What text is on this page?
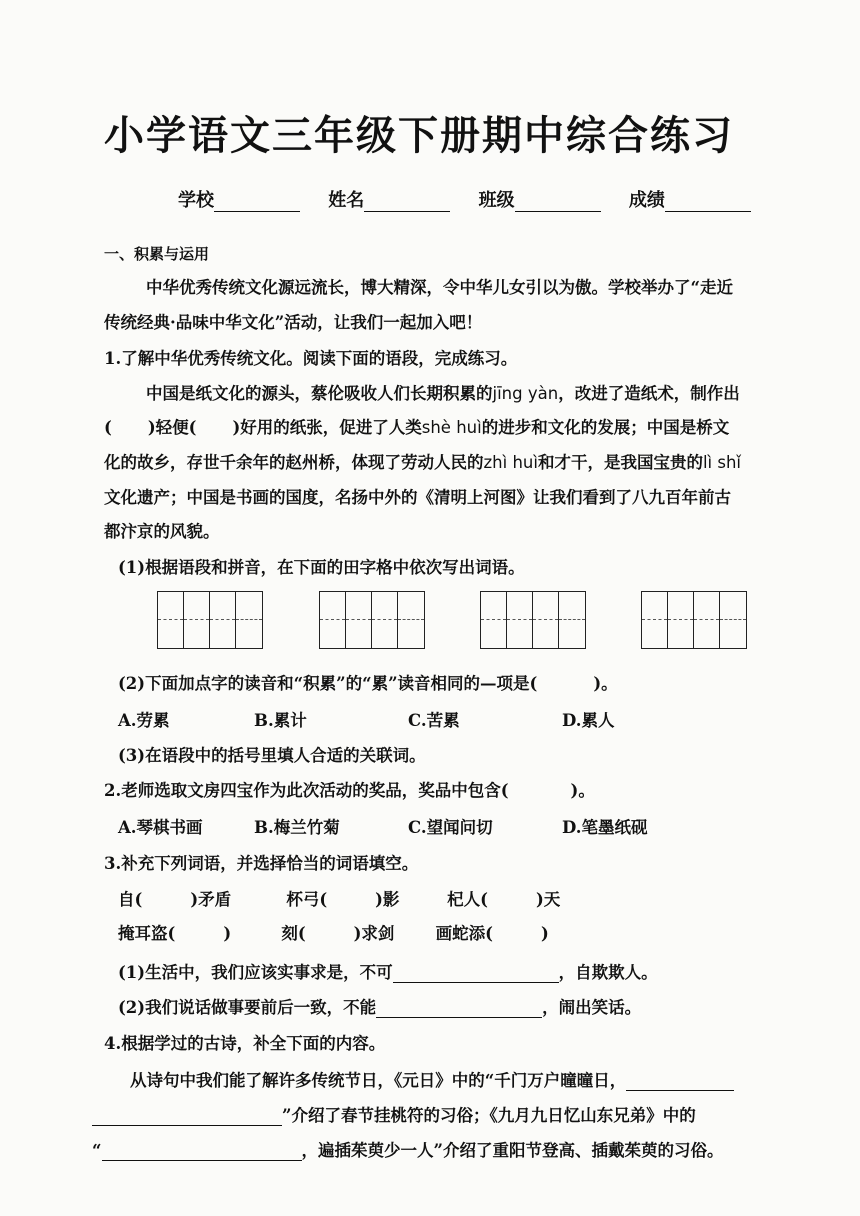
小学语文三年级下册期中综合练习
学校	姓名	班级	成绩
一、积累与运用
中华优秀传统文化源远流长，博大精深，令中华儿女引以为傲。学校举办了“走近
传统经典·品味中华文化”活动，让我们一起加入吧！
1.了解中华优秀传统文化。阅读下面的语段，完成练习。
中国是纸文化的源头，蔡伦吸收人们长期积累的jīng yàn，改进了造纸术，制作出
( )轻便( )好用的纸张，促进了人类shè huì的进步和文化的发展；中国是桥文
化的故乡，存世千余年的赵州桥，体现了劳动人民的zhì huì和才干，是我国宝贵的lì shǐ
文化遗产；中国是书画的国度，名扬中外的《清明上河图》让我们看到了八九百年前古
都汴京的风貌。
(1)根据语段和拼音，在下面的田字格中依次写出词语。
(2)下面加点字的读音和“积累”的“累”读音相同的—项是(	)。
A.劳累	B.累计	C.苦累	D.累人
(3)在语段中的括号里填人合适的关联词。
2.老师选取文房四宝作为此次活动的奖品，奖品中包含(	)。
A.琴棋书画	B.梅兰竹菊	C.望闻问切	D.笔墨纸砚
3.补充下列词语，并选择恰当的词语填空。
自(	)矛盾	杯弓(	)影	杞人(	)天
掩耳盗(	)	刻(	)求剑 画蛇添(	)
(1)生活中，我们应该实事求是，不可	，自欺欺人。
(2)我们说话做事要前后一致，不能	，闹出笑话。
4.根据学过的古诗，补全下面的内容。
从诗句中我们能了解许多传统节日，《元日》中的“千门万户曈曈日，
”介绍了春节挂桃符的习俗；《九月九日忆山东兄弟》中的
“	，遍插茱萸少一人”介绍了重阳节登高、插戴茱萸的习俗。
